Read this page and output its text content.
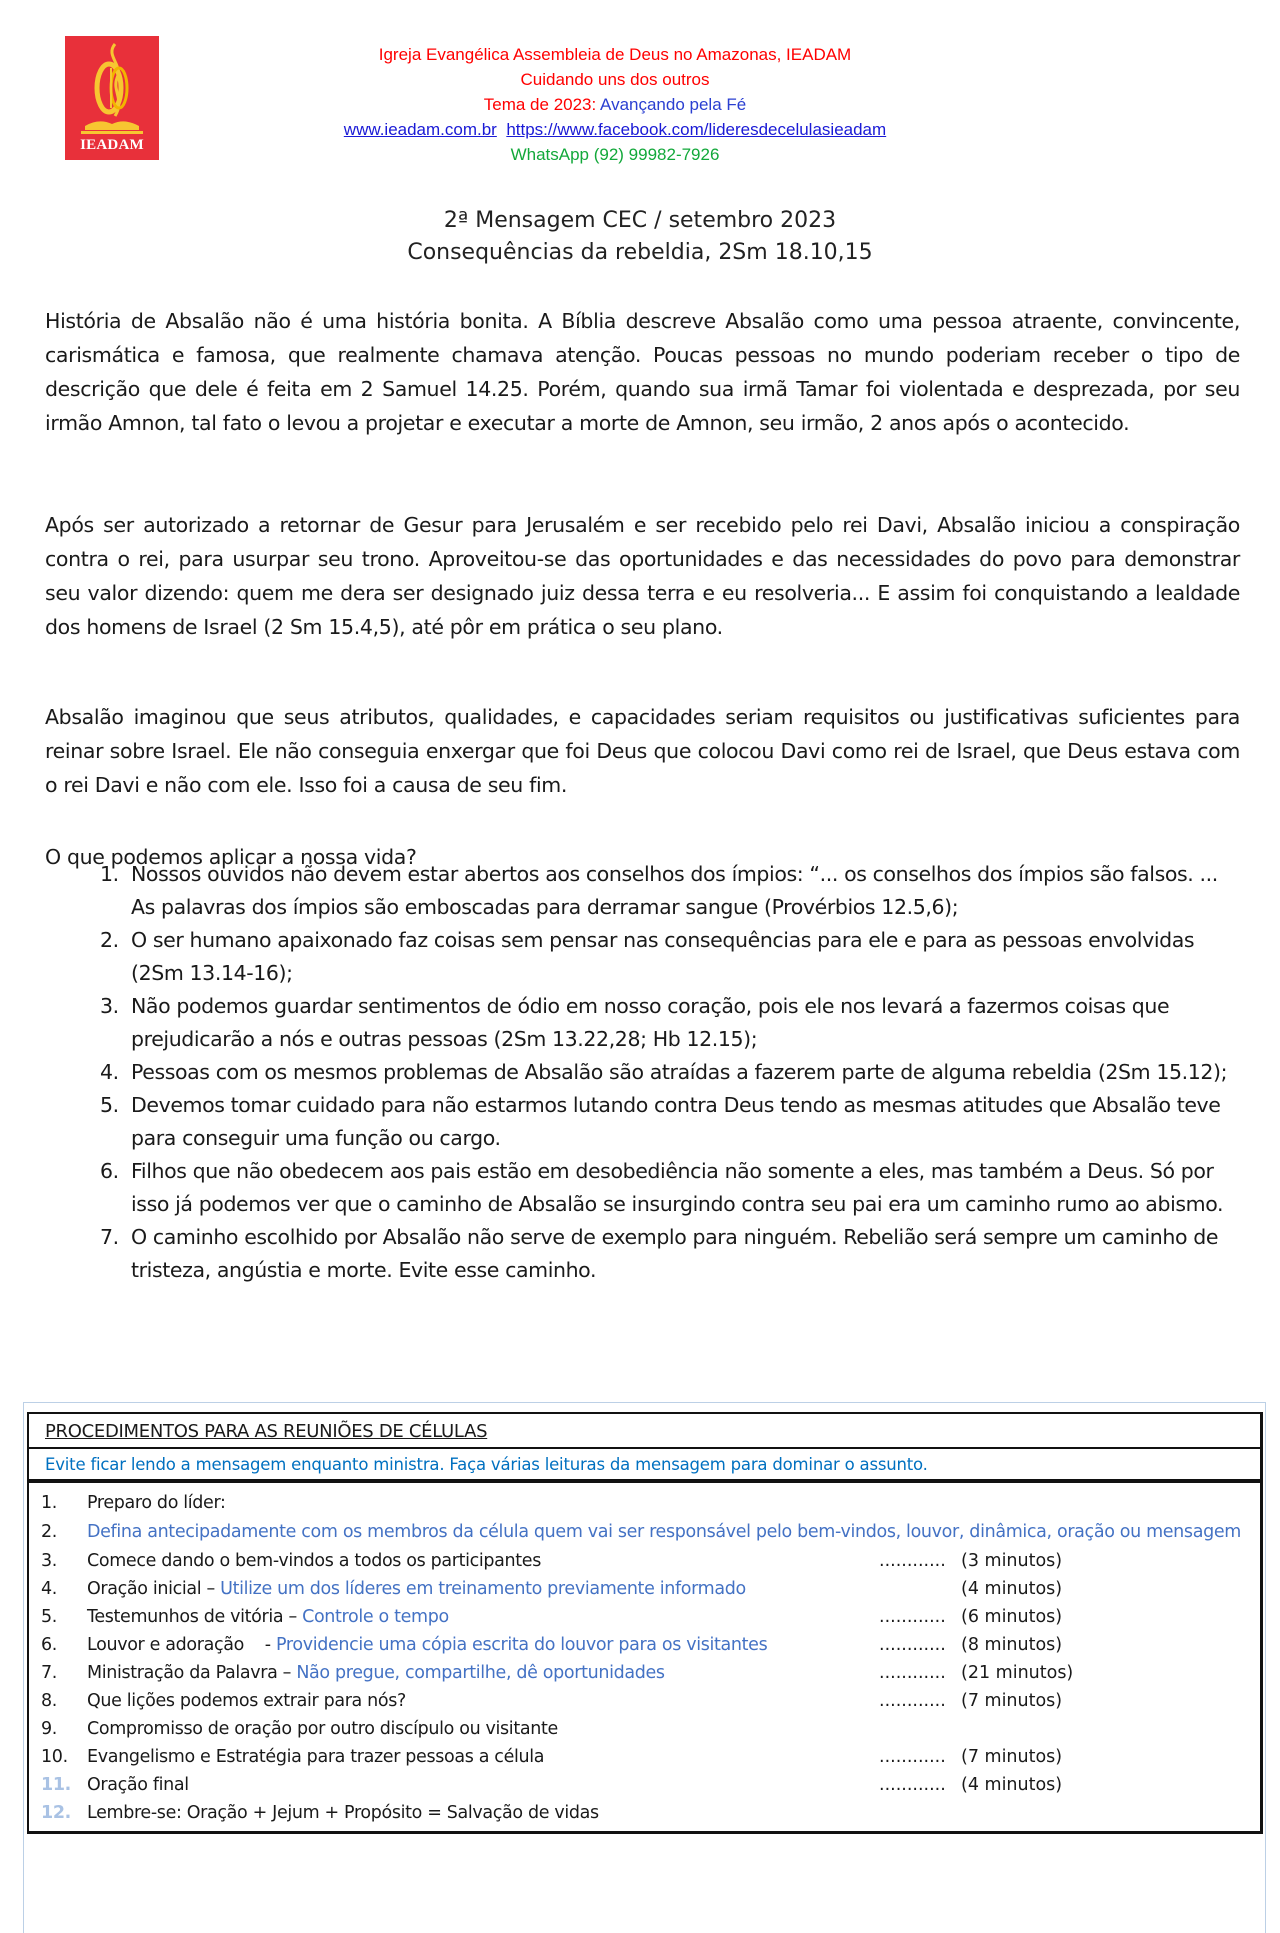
IEADAM
Igreja Evangélica Assembleia de Deus no Amazonas, IEADAM
Cuidando uns dos outros
Tema de 2023: Avançando pela Fé
www.ieadam.com.br https://www.facebook.com/lideresdecelulasieadam
WhatsApp (92) 99982-7926
2ª Mensagem CEC / setembro 2023
Consequências da rebeldia, 2Sm 18.10,15
História de Absalão não é uma história bonita. A Bíblia descreve Absalão como uma pessoa atraente, convincente, carismática e famosa, que realmente chamava atenção. Poucas pessoas no mundo poderiam receber o tipo de descrição que dele é feita em 2 Samuel 14.25. Porém, quando sua irmã Tamar foi violentada e desprezada, por seu irmão Amnon, tal fato o levou a projetar e executar a morte de Amnon, seu irmão, 2 anos após o acontecido.
Após ser autorizado a retornar de Gesur para Jerusalém e ser recebido pelo rei Davi, Absalão iniciou a conspiração contra o rei, para usurpar seu trono. Aproveitou-se das oportunidades e das necessidades do povo para demonstrar seu valor dizendo: quem me dera ser designado juiz dessa terra e eu resolveria... E assim foi conquistando a lealdade dos homens de Israel (2 Sm 15.4,5), até pôr em prática o seu plano.
Absalão imaginou que seus atributos, qualidades, e capacidades seriam requisitos ou justificativas suficientes para reinar sobre Israel. Ele não conseguia enxergar que foi Deus que colocou Davi como rei de Israel, que Deus estava com o rei Davi e não com ele. Isso foi a causa de seu fim.
O que podemos aplicar a nossa vida?
1. Nossos ouvidos não devem estar abertos aos conselhos dos ímpios: “... os conselhos dos ímpios são falsos. ... As palavras dos ímpios são emboscadas para derramar sangue (Provérbios 12.5,6);
2. O ser humano apaixonado faz coisas sem pensar nas consequências para ele e para as pessoas envolvidas (2Sm 13.14-16);
3. Não podemos guardar sentimentos de ódio em nosso coração, pois ele nos levará a fazermos coisas que prejudicarão a nós e outras pessoas (2Sm 13.22,28; Hb 12.15);
4. Pessoas com os mesmos problemas de Absalão são atraídas a fazerem parte de alguma rebeldia (2Sm 15.12);
5. Devemos tomar cuidado para não estarmos lutando contra Deus tendo as mesmas atitudes que Absalão teve para conseguir uma função ou cargo.
6. Filhos que não obedecem aos pais estão em desobediência não somente a eles, mas também a Deus. Só por isso já podemos ver que o caminho de Absalão se insurgindo contra seu pai era um caminho rumo ao abismo.
7. O caminho escolhido por Absalão não serve de exemplo para ninguém. Rebelião será sempre um caminho de tristeza, angústia e morte. Evite esse caminho.
PROCEDIMENTOS PARA AS REUNIÕES DE CÉLULAS
Evite ficar lendo a mensagem enquanto ministra. Faça várias leituras da mensagem para dominar o assunto.
1. Preparo do líder:
2. Defina antecipadamente com os membros da célula quem vai ser responsável pelo bem-vindos, louvor, dinâmica, oração ou mensagem
3. Comece dando o bem-vindos a todos os participantes	............ (3 minutos)
4. Oração inicial – Utilize um dos líderes em treinamento previamente informado	(4 minutos)
5. Testemunhos de vitória – Controle o tempo	............ (6 minutos)
6. Louvor e adoração    - Providencie uma cópia escrita do louvor para os visitantes	............ (8 minutos)
7. Ministração da Palavra – Não pregue, compartilhe, dê oportunidades	............ (21 minutos)
8. Que lições podemos extrair para nós?	............ (7 minutos)
9. Compromisso de oração por outro discípulo ou visitante
10. Evangelismo e Estratégia para trazer pessoas a célula	............ (7 minutos)
11. Oração final	............ (4 minutos)
12. Lembre-se: Oração + Jejum + Propósito = Salvação de vidas
